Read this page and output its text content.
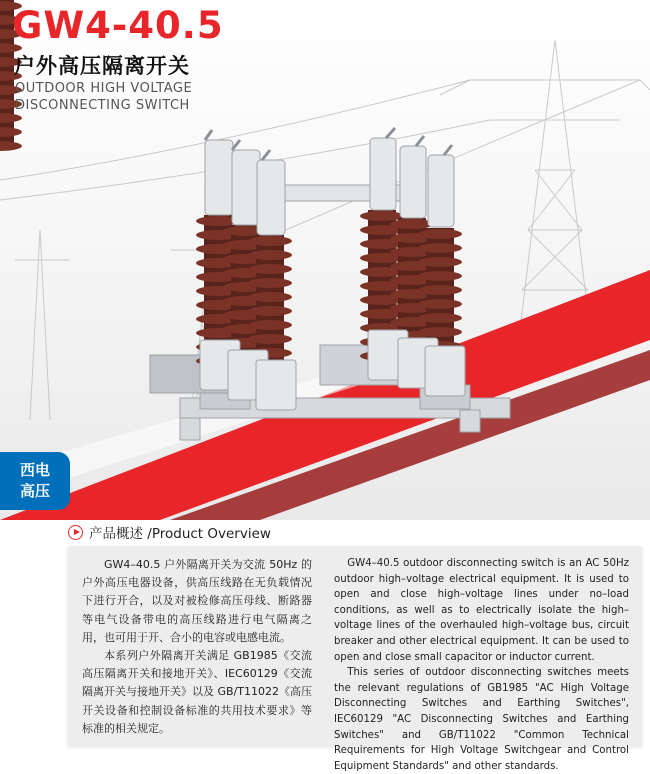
GW4-40.5
户外高压隔离开关
OUTDOOR HIGH VOLTAGE
DISCONNECTING SWITCH
西电
高压
产品概述 /Product Overview

GW4–40.5 户外隔离开关为交流 50Hz 的户外高压电器设备，供高压线路在无负载情况下进行开合，以及对被检修高压母线、断路器等电气设备带电的高压线路进行电气隔离之用，也可用于开、合小的电容或电感电流。

本系列户外隔离开关满足 GB1985《交流高压隔离开关和接地开关》、IEC60129《交流隔离开关与接地开关》以及 GB/T11022《高压开关设备和控制设备标准的共用技术要求》等标准的相关规定。

GW4–40.5 outdoor disconnecting switch is an AC 50Hz outdoor high–voltage electrical equipment. It is used to open and close high–voltage lines under no–load conditions, as well as to electrically isolate the high–voltage lines of the overhauled high–voltage bus, circuit breaker and other electrical equipment. It can be used to open and close small capacitor or inductor current.

This series of outdoor disconnecting switches meets the relevant regulations of GB1985 "AC High Voltage Disconnecting Switches and Earthing Switches", IEC60129 "AC Disconnecting Switches and Earthing Switches" and GB/T11022 "Common Technical Requirements for High Voltage Switchgear and Control Equipment Standards" and other standards.
